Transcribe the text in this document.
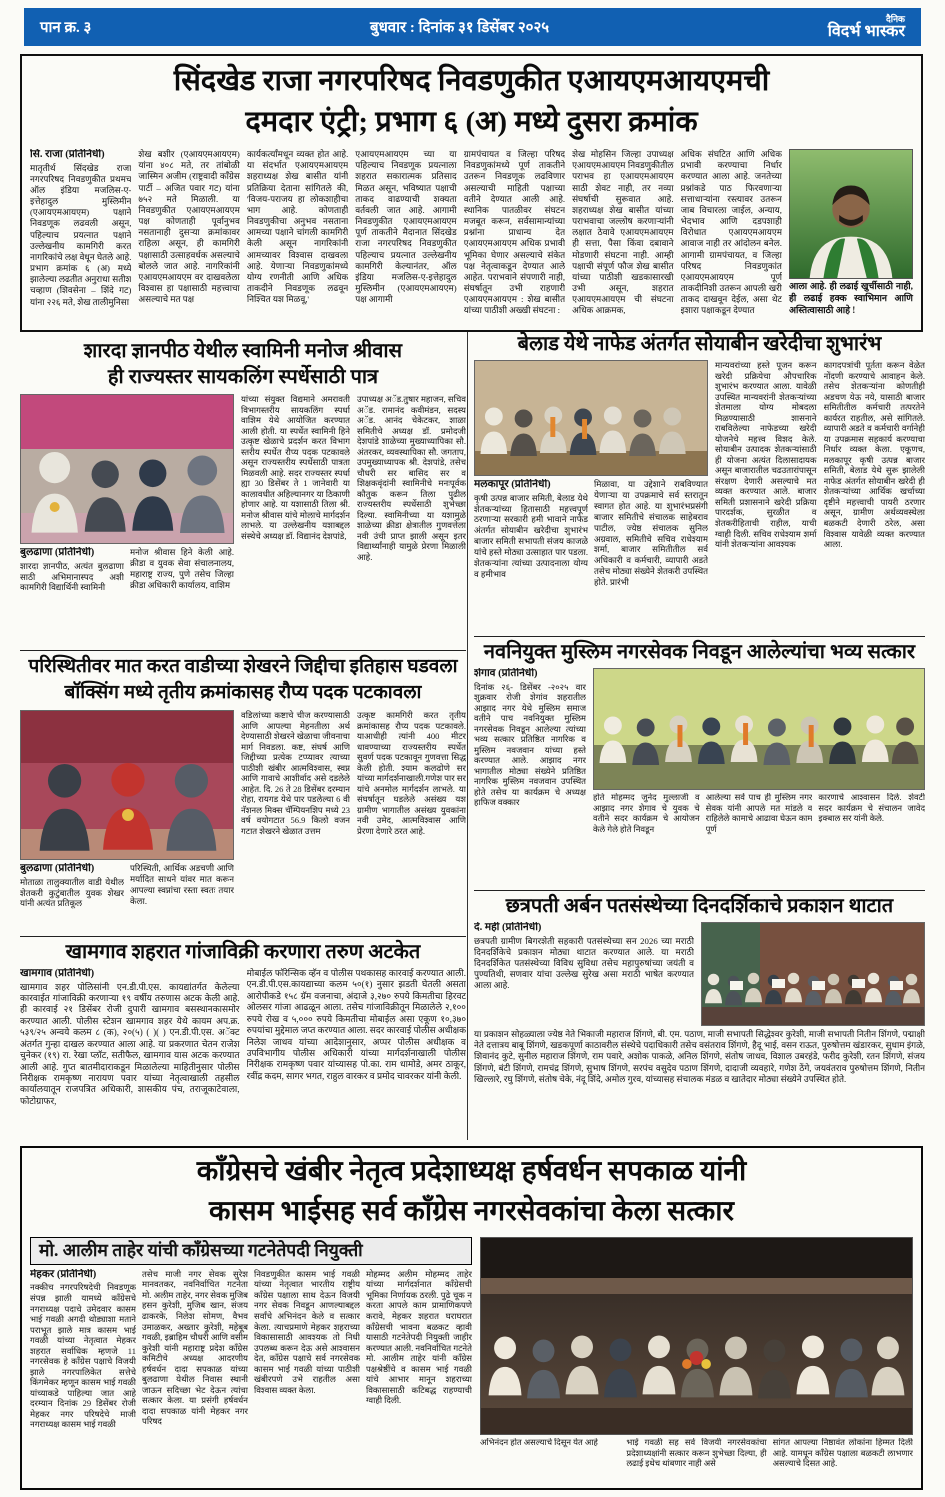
पान क्र. ३	बुधवार : दिनांक ३१ डिसेंबर २०२५
दैनिक
विदर्भ भास्कर
सिंदखेड राजा नगरपरिषद निवडणुकीत एआयएमआयएमची
दमदार एंट्री; प्रभाग ६ (अ) मध्ये दुसरा क्रमांक
सि. राजा (प्रतिनिधी)
मातृतीर्थ सिंदखेड राजा नगरपरिषद निवडणुकीत प्रथमच ऑल इंडिया मजलिस-ए-इत्तेहादुल मुस्लिमीन (एआयएमआयएम) पक्षाने निवडणूक लढवली असून, पहिल्याच प्रयत्नात पक्षाने उल्लेखनीय कामगिरी करत नागरिकांचे लक्ष वेधून घेतले आहे. प्रभाग क्रमांक ६ (अ) मध्ये झालेल्या लढतीत अनुराधा सतीश चव्हाण (शिवसेना – शिंदे गट) यांना २२६ मते, शेख तालीमुनिसा
शेख बशीर (एआयएमआयएम) यांना ४०८ मते, तर तांबोळी जास्मिन अजीम (राष्ट्रवादी काँग्रेस पार्टी – अजित पवार गट) यांना ७५२ मते मिळाली. या निवडणुकीत एआयएमआयएम पक्ष कोणताही पूर्वानुभव नसतानाही दुसऱ्या क्रमांकावर राहिला असून, ही कामगिरी पक्षासाठी उत्साहवर्धक असल्याचे बोलले जात आहे. नागरिकांनी एआयएमआयएम वर दाखवलेला विश्वास हा पक्षासाठी महत्त्वाचा असल्याचे मत पक्ष
कार्यकर्त्यांमधून व्यक्त होत आहे. या संदर्भात एआयएमआयएम शहराध्यक्ष शेख बासीत यांनी प्रतिक्रिया देताना सांगितले की, 'विजय-पराजय हा लोकशाहीचा भाग आहे. कोणताही निवडणुकीचा अनुभव नसताना आमच्या पक्षाने चांगली कामगिरी केली असून नागरिकांनी आमच्यावर विश्वास दाखवला आहे. येणाऱ्या निवडणुकांमध्ये योग्य रणनीती आणि अधिक ताकदीने निवडणूक लढवून निश्चित यश मिळवू,'
एआयएमआयएम च्या या पहिल्याच निवडणूक प्रयत्नाला शहरात सकारात्मक प्रतिसाद मिळत असून, भविष्यात पक्षाची ताकद वाढण्याची शक्यता वर्तवली जात आहे. आगामी निवडणुकीत एआयएमआयएम पूर्ण ताकतीने मैदानात सिंदखेड राजा नगरपरिषद निवडणुकीत पहिल्याच प्रयत्नात उल्लेखनीय कामगिरी केल्यानंतर, ऑल इंडिया मजलिस-ए-इत्तेहादुल मुस्लिमीन (एआयएमआयएम) पक्ष आगामी
ग्रामपंचायत व जिल्हा परिषद निवडणुकांमध्ये पूर्ण ताकतीने उतरून निवडणूक लढविणार असल्याची माहिती पक्षाच्या वतीने देण्यात आली आहे. स्थानिक पातळीवर संघटन मजबूत करून, सर्वसामान्यांच्या प्रश्नांना प्राधान्य देत एआयएमआयएम अधिक प्रभावी भूमिका घेणार असल्याचे संकेत पक्ष नेतृत्वाकडून देण्यात आले आहेत. पराभवाने संपणारी नाही, संघर्षातून उभी राहणारी एआयएमआयएम : शेख बासीत यांच्या पाठीशी अख्खी संघटना :
शेख मोहसिन जिल्हा उपाध्यक्ष एआयएमआयएम निवडणुकीतील पराभव हा एआयएमआयएम साठी शेवट नाही, तर नव्या संघर्षाची सुरूवात आहे. शहराध्यक्ष शेख बासीत यांच्या पराभवाचा जल्लोष करणाऱ्यांनी लक्षात ठेवावे एआयएमआयएम ही सत्ता, पैसा किंवा दबावाने मोडणारी संघटना नाही. आम्ही पक्षाची संपूर्ण फौज शेख बासीत यांच्या पाठीशी खडकासारखी उभी असून, शहरात एआयएमआयएम ची संघटना अधिक आक्रमक,
अधिक संघटित आणि अधिक प्रभावी करण्याचा निर्धार करण्यात आला आहे. जनतेच्या प्रश्नांकडे पाठ फिरवणाऱ्या सत्ताधाऱ्यांना रस्त्यावर उतरून जाब विचारला जाईल, अन्याय, भेदभाव आणि दडपशाही विरोधात एआयएमआयएम आवाज नाही तर आंदोलन बनेल. आगामी ग्रामपंचायत, व जिल्हा परिषद निवडणुकांत एआयएमआयएम पूर्ण ताकदीनिशी उतरून आपली खरी ताकद दाखवून देईल, असा थेट इशारा पक्षाकडून देण्यात
आला आहे. ही लढाई खुर्चीसाठी नाही, ही लढाई हक्क स्वाभिमान आणि अस्तित्वासाठी आहे !
शारदा ज्ञानपीठ येथील स्वामिनी मनोज श्रीवास
ही राज्यस्तर सायकलिंग स्पर्धेसाठी पात्र
बुलढाणा (प्रतिनिधी)
शारदा ज्ञानपीठ, अत्यंत बुलढाणा साठी अभिमानास्पद अशी कामगिरी विद्यार्थिनी स्वामिनी
मनोज श्रीवास हिने केली आहे. क्रीडा व युवक सेवा संचालनालय, महाराष्ट्र राज्य, पुणे तसेच जिल्हा क्रीडा अधिकारी कार्यालय, वाशिम
यांच्या संयुक्त विद्यमाने अमरावती विभागस्तरीय सायकलिंग स्पर्धा वाशिम येथे आयोजित करण्यात आली होती. या स्पर्धेत स्वामिनी हिने उत्कृष्ट खेळाचे प्रदर्शन करत विभाग स्तरीय स्पर्धेत रौप्य पदक पटकावले असून राज्यस्तरीय स्पर्धेसाठी पात्रता मिळवली आहे. सदर राज्यस्तर स्पर्धा ह्या 30 डिसेंबर ते 1 जानेवारी या कालावधीत अहिल्यानगर या ठिकाणी होणार आहे. या यशासाठी तिला श्री. मनोज श्रीवास यांचे मोलाचे मार्गदर्शन लाभले. या उल्लेखनीय यशाबद्दल संस्थेचे अध्यक्ष डॉ. विद्यानंद देशपांडे,
उपाध्यक्ष अॅड.तुषार महाजन, सचिव अॅड. रामानंद कवीमंडन, सदस्य अॅड. आनंद चेकेटकर, शाळा समितीचे अध्यक्ष डॉ. प्रमोदजी देशपांडे शाळेच्या मुख्याध्यापिका सौ. अंतरकर, व्यवस्थापिका सौ. जगताप, उपमुख्याध्यापक श्री. देशपांडे, तसेच चौधरी सर बासिद सर व शिक्षकवृंदांनी स्वामिनीचे मनःपूर्वक कौतुक करून तिला पुढील राज्यस्तरीय स्पर्धेसाठी शुभेच्छा दिल्या. स्वामिनीच्या या यशामुळे शाळेच्या क्रीडा क्षेत्रातील गुणवत्तेला नवी उंची प्राप्त झाली असून इतर विद्यार्थ्यांनाही यामुळे प्रेरणा मिळाली आहे.
बेलाड येथे नाफेड अंतर्गत सोयाबीन खरेदीचा शुभारंभ
मलकापूर (प्रतिनिधी)
कृषी उत्पन्न बाजार समिती, बेलाड येथे शेतकऱ्यांच्या हितासाठी महत्त्वपूर्ण ठरणाऱ्या सरकारी हमी भावाने नाफेड अंतर्गत सोयाबीन खरेदीचा शुभारंभ बाजार समिती सभापती संजय काजळे यांचे हस्ते मोठ्या उत्साहात पार पडला. शेतकऱ्यांना त्यांच्या उत्पादनाला योग्य व हमीभाव
मिळावा, या उद्देशाने राबविण्यात येणाऱ्या या उपक्रमाचे सर्व स्तरातून स्वागत होत आहे. या शुभारंभप्रसंगी बाजार समितीचे संचालक साहेबराव पाटील, ज्येष्ठ संचालक सुनिल अग्रवाल, समितीचे सचिव राधेश्याम शर्मा, बाजार समितीतील सर्व अधिकारी व कर्मचारी, व्यापारी अडते तसेच मोठ्या संख्येने शेतकरी उपस्थित होते. प्रारंभी
मान्यवरांच्या हस्ते पूजन करून खरेदी प्रक्रियेचा औपचारिक शुभारंभ करण्यात आला. यावेळी उपस्थित मान्यवरांनी शेतकऱ्यांच्या शेतमाला योग्य मोबदला मिळण्यासाठी शासनाने राबविलेल्या नाफेडच्या खरेदी योजनेचे महत्त्व विशद केले. सोयाबीन उत्पादक शेतकऱ्यांसाठी ही योजना अत्यंत दिलासादायक असून बाजारातील चढउतारांपासून संरक्षण देणारी असल्याचे मत व्यक्त करण्यात आले. बाजार समिती प्रशासनाने खरेदी प्रक्रिया पारदर्शक, सुरळीत व शेतकरीहिताची राहील, याची ग्वाही दिली. सचिव राधेश्याम शर्मा यांनी शेतकऱ्यांना आवश्यक
कागदपत्रांची पूर्तता करून वेळेत नोंदणी करण्याचे आवाहन केले. तसेच शेतकऱ्यांना कोणतीही अडचण येऊ नये, यासाठी बाजार समितीतील कर्मचारी तत्परतेने कार्यरत राहतील, असे सांगितले. व्यापारी अडते व कर्मचारी वर्गानेही या उपक्रमास सहकार्य करण्याचा निर्धार व्यक्त केला. एकूणच, मलकापूर कृषी उत्पन्न बाजार समिती, बेलाड येथे सुरू झालेली नाफेड अंतर्गत सोयाबीन खरेदी ही शेतकऱ्यांच्या आर्थिक खर्चाच्या दृष्टीने महत्त्वाची पायरी ठरणार असून, ग्रामीण अर्थव्यवस्थेला बळकटी देणारी ठरेल, असा विश्वास यावेळी व्यक्त करण्यात आला.
परिस्थितीवर मात करत वाडीच्या शेखरने जिद्दीचा इतिहास घडवला
बॉक्सिंग मध्ये तृतीय क्रमांकासह रौप्य पदक पटकावला
बुलढाणा (प्रतिनिधी)
मोताळा तालुक्यातील वाडी येथील शेतकरी कुटुंबातील युवक शेखर यांनी अत्यंत प्रतिकूल
परिस्थिती, आर्थिक अडचणी आणि मर्यादित साधने यांवर मात करून आपल्या स्वप्नांचा रस्ता स्वतः तयार केला.
वडिलांच्या कष्टाचे चीज करण्यासाठी आणि आपल्या मेहनतीला अर्थ देण्यासाठी शेखरने खेळाचा जीवनाचा मार्ग निवडला. कष्ट, संघर्ष आणि जिद्दीच्या प्रत्येक टप्प्यावर त्याच्या पाठीशी खंबीर आत्मविश्वास, स्वप्न आणि गावाचे आशीर्वाद असे दडलेले आहेत. दि. 26 ते 28 डिसेंबर दरम्यान रोहा, रायगड येथे पार पडलेल्या 6 वी नॅशनल मिक्स चॅम्पियनशिप मध्ये 23 वर्ष वयोगटात 56.9 किलो वजन गटात शेखरने खेळात उत्तम
उत्कृष्ट कामगिरी करत तृतीय क्रमांकासह रौप्य पदक पटकावले. याआधीही त्यांनी 400 मीटर धावण्याच्या राज्यस्तरीय स्पर्धेत सुवर्ण पदक पटकावून गुणवत्ता सिद्ध केली होती. श्याम कलढोणे सर यांच्या मार्गदर्शनाखाली.गणेश पार सर यांचे अनमोल मार्गदर्शन लाभले. या संघर्षातून घडलेले असंख्य यश ग्रामीण भागातील असंख्य युवकांना नवी उमेद, आत्मविश्वास आणि प्रेरणा देणारे ठरत आहे.
नवनियुक्त मुस्लिम नगरसेवक निवडून आलेल्यांचा भव्य सत्कार
शेगाव (प्रतिनिधी)
दिनांक २६- डिसेंबर -२०२५ वार शुक्रवार रोजी शेगांव शहरातील आझाद नगर येथे मुस्लिम समाज वतीने पाच नवनियुक्त मुस्लिम नगरसेवक निवडून आलेल्या त्यांच्या भव्य सत्कार प्रतिष्ठित नागरिक व मुस्लिम नवजवान यांच्या हस्ते करण्यात आले. आझाद नगर भागातील मोठ्या संख्येने प्रतिष्ठित नागरिक मुस्लिम नवजवान उपस्थित होते तसेच या कार्यक्रम चे अध्यक्ष हाफिज वक्कार	होते मोहम्मद जुनेद मुल्लाजी व आझाद नगर शेगाव चे युवक चे वतीने सदर कार्यक्रम चे आयोजन केले गेले होते निवडून
आलेल्या सर्व पाच ही मुस्लिम नगर सेवक यांनी आपले मत मांडले व राहिलेले कामाचे आढावा घेऊन काम पूर्ण
कारणाचे आश्वासन दिले. शेवटी सदर कार्यक्रम चे संचालन जावेद इक्बाल सर यांनी केले.
खामगाव शहरात गांजाविक्री करणारा तरुण अटकेत
खामगाव (प्रतिनिधी)
खामगाव शहर पोलिसांनी एन.डी.पी.एस. कायद्यांतर्गत केलेल्या कारवाईत गांजाविक्री करणाऱ्या १९ वर्षीय तरुणास अटक केली आहे. ही कारवाई २१ डिसेंबर रोजी दुपारी खामगाव बसस्थानकासमोर करण्यात आली. पोलीस स्टेशन खामगाव शहर येथे कायम अप.क्र. ५३९/२५ अन्वये कलम ८ (क), २०(५) ( )( ) एन.डी.पी.एस. अॅक्ट अंतर्गत गुन्हा दाखल करण्यात आला आहे. या प्रकरणात चेतन राजेश चुनेकर (१९) रा. रेखा प्लॉट, सतीफैल, खामगाव यास अटक करण्यात आली आहे. गुप्त बातमीदाराकडून मिळालेल्या माहितीनुसार पोलीस निरीक्षक रामकृष्ण नारायण पवार यांच्या नेतृत्वाखाली तहसील कार्यालयातून राजपत्रित अधिकारी, शासकीय पंच, तराजूकाटेवाला, फोटोग्राफर,
मोबाईल फॉरेन्सिक व्हॅन व पोलीस पथकासह कारवाई करण्यात आली. एन.डी.पी.एस.कायद्याच्या कलम ५०(१) नुसार झडती घेतली असता आरोपीकडे १५८ ग्रॅम वजनाचा, अंदाजे ३,२७० रुपये किमतीचा हिरवट ओलसर गांजा आढळून आला. तसेच गांजाविक्रीतून मिळालेले २,१०० रुपये रोख व ५,००० रुपये किमतीचा मोबाईल असा एकूण १०,३७० रुपयांचा मुद्देमाल जप्त करण्यात आला. सदर कारवाई पोलीस अधीक्षक निलेश जाधव यांच्या आदेशानुसार, अप्पर पोलीस अधीक्षक व उपविभागीय पोलीस अधिकारी यांच्या मार्गदर्शनाखाली पोलीस निरीक्षक रामकृष्ण पवार यांच्यासह पो.का. राम धामोडे, अमर ठाकूर, रवींद्र कदम, सागर भगत, राहुल वारकर व प्रमोद चावरकर यांनी केली.
छत्रपती अर्बन पतसंस्थेच्या दिनदर्शिकाचे प्रकाशन थाटात
दे. मही (प्रतिनिधी)
छत्रपती ग्रामीण बिगरशेती सहकारी पतसंस्थेच्या सन 2026 च्या मराठी दिनदर्शिकेचे प्रकाशन मोठ्या थाटात करण्यात आले. या मराठी दिनदर्शिकेत पतसंस्थेच्या विविध सुविधा तसेच महापुरुषांच्या जयंती व पुण्यतिथी, सणवार यांचा उल्लेख सुरेख असा मराठी भाषेत करण्यात आला आहे.
या प्रकाशन सोहळ्याला ज्येष्ठ नेते भिकाजी महाराज शिंगणे, बी. एम. पठाण, माजी सभापती सिद्धेश्वर कुरेशी, माजी सभापती नितीन शिंगणे, पद्माक्षी नेते दत्तात्रय बाबू शिंगणे, खडकपूर्णा काठावरील संस्थेचे पदाधिकारी तसेच वसंतराव शिंगणे, हैदू भाई, वसन राऊत, पुरुषोत्तम खंडारकर, सुधाम इंगळे, शिवानंद कुटे, सुनील महाराज शिंगणे, राम पवारे, अशोक पाकळे, अनिल शिंगणे, संतोष जाधव, विशाल उबरहंडे, फरीद कुरेशी, रतन शिंगणे, संजय शिंगणे, बंटी शिंगणे, रामचंद्र शिंगणे, सुभाष शिंगणे, सरपंच वसुदेव पठाण शिंगणे, दादाजी व्यवहारे, गणेश ठेंगे, जयवंतराव पुरुषोत्तम शिंगणे, नितीन खिल्लारे, रघु शिंगणे, संतोष चेके, नंदू शिंदे, अमोल गुरव, यांच्यासह संचालक मंडळ व खातेदार मोठ्या संख्येने उपस्थित होते.
काँग्रेसचे खंबीर नेतृत्व प्रदेशाध्यक्ष हर्षवर्धन सपकाळ यांनी
कासम भाईसह सर्व काँग्रेस नगरसेवकांचा केला सत्कार
मो. आलीम ताहेर यांची काँग्रेसच्या गटनेतेपदी नियुक्ती
मेहकर (प्रतिनिधी)
नक्कीच नगरपरिषदेची निवडणूक संपन्न झाली यामध्ये काँग्रेसचे नगराध्यक्ष पदाचे उमेदवार कासम भाई गवळी अगदी थोड्याशा मताने पराभूत झाले मात्र कासम भाई गवळी यांच्या नेतृत्वात मेहकर शहरात सर्वाधिक म्हणजे 11 नगरसेवक हे काँग्रेस पक्षाचे विजयी झाले नगरपालिकेत सत्तेचे किंगमेकर म्हणून कासम भाई गवळी यांच्याकडे पाहिल्या जात आहे दरम्यान दिनांक 29 डिसेंबर रोजी मेहकर नगर परिषदेचे माजी नगराध्यक्ष कासम भाई गवळी
तसेच माजी नगर सेवक सुरेश मानवतकर, नवनिर्वाचित गटनेता मो. अलीम ताहेर, नगर सेवक मुजिब हसन कुरेशी, मुजिब खान, संजय ढाकरके, निलेश सोमण, वैभव उमाळकर, अख्तार कुरेशी, महेबूब गवळी, इब्राहिम चौधरी आणि वसीम कुरेशी यांनी महाराष्ट्र प्रदेश काँग्रेस कमिटीचे अध्यक्ष आदरणीय हर्षवर्धन दादा सपकाळ यांच्या बुलढाणा येथील निवास स्थानी जाऊन सदिच्छा भेट देऊन त्यांचा सत्कार केला. या प्रसंगी हर्षवर्धन दादा सपकाळ यांनी मेहकर नगर परिषद
निवडणुकीत कासम भाई गवळी यांच्या नेतृत्वात भारतीय राष्ट्रीय काँग्रेस पक्षाला साथ देऊन विजयी नगर सेवक निवडून आणल्याबद्दल सर्वांचे अभिनंदन केले व सत्कार केला. त्याचप्रमाणे मेहकर शहराच्या विकासासाठी आवश्यक तो निधी उपलब्ध करून देऊ असे आश्वासन देत, काँग्रेस पक्षाचे सर्व नगरसेवक कासम भाई गवळी यांच्या पाठीशी खंबीरपणे उभे राहतील असा विश्वास व्यक्त केला.
मोहम्मद अलीम मोहम्मद ताहेर यांच्या मार्गदर्शनात काँग्रेसची भूमिका निर्णायक ठरली. पुढे चूक न करता आपले काम प्रामाणिकपणे करावे, मेहकर शहरात घराघरात काँग्रेसची भावना बळकट व्हावी यासाठी गटनेतेपदी नियुक्ती जाहीर करण्यात आली. नवनिर्वाचित गटनेते मो. आलीम ताहेर यांनी काँग्रेस पक्षश्रेष्ठींचे व कासम भाई गवळी यांचे आभार मानून शहराच्या विकासासाठी कटिबद्ध राहण्याची ग्वाही दिली.
अभिनंदन होत असल्याचे दिसून येत आहे	भाई गवळी सह सर्व विजयी नगरसेवकांचा प्रदेशाध्यक्षांनी सत्कार करून शुभेच्छा दिल्या, ही लढाई इथेच थांबणार नाही असे
सांगत आपल्या निष्ठावंत लोकांना हिम्मत दिली आहे. यामधून काँग्रेस पक्षाला बळकटी लाभणार असल्याचे दिसत आहे.
